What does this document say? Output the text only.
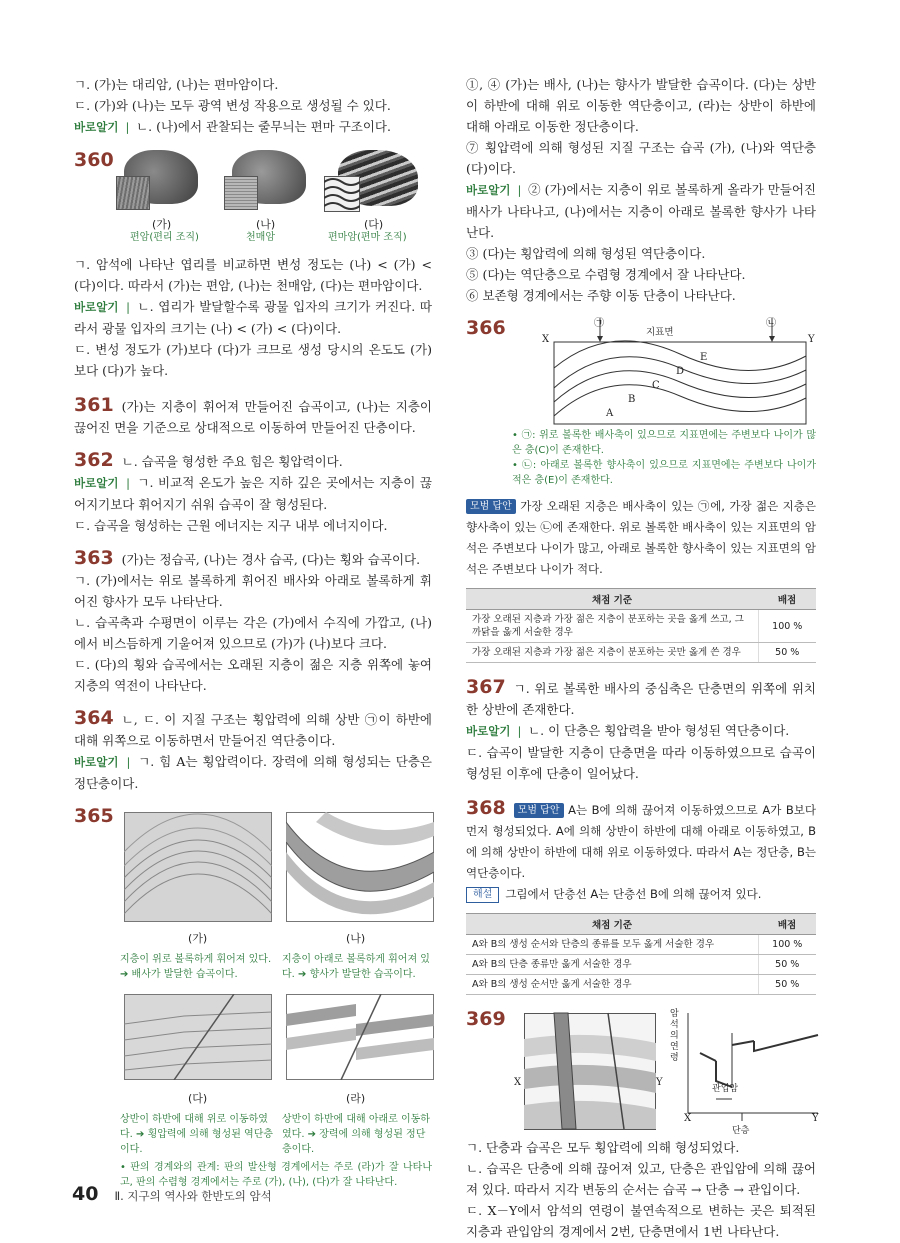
ㄱ. (가)는 대리암, (나)는 편마암이다.

ㄷ. (가)와 (나)는 모두 광역 변성 작용으로 생성될 수 있다.

바로알기 ❘ ㄴ. (나)에서 관찰되는 줄무늬는 편마 구조이다.

360
(가)	(나)	(다)
편암(편리 조직)	천매암	편마암(편마 조직)

ㄱ. 암석에 나타난 엽리를 비교하면 변성 정도는 (나) < (가) < (다)이다. 따라서 (가)는 편암, (나)는 천매암, (다)는 편마암이다.

바로알기 ❘ ㄴ. 엽리가 발달할수록 광물 입자의 크기가 커진다. 따라서 광물 입자의 크기는 (나) < (가) < (다)이다.

ㄷ. 변성 정도가 (가)보다 (다)가 크므로 생성 당시의 온도도 (가)보다 (다)가 높다.

361 (가)는 지층이 휘어져 만들어진 습곡이고, (나)는 지층이 끊어진 면을 기준으로 상대적으로 이동하여 만들어진 단층이다.

362 ㄴ. 습곡을 형성한 주요 힘은 횡압력이다.

바로알기 ❘ ㄱ. 비교적 온도가 높은 지하 깊은 곳에서는 지층이 끊어지기보다 휘어지기 쉬워 습곡이 잘 형성된다.

ㄷ. 습곡을 형성하는 근원 에너지는 지구 내부 에너지이다.

363 (가)는 정습곡, (나)는 경사 습곡, (다)는 횡와 습곡이다.

ㄱ. (가)에서는 위로 볼록하게 휘어진 배사와 아래로 볼록하게 휘어진 향사가 모두 나타난다.

ㄴ. 습곡축과 수평면이 이루는 각은 (가)에서 수직에 가깝고, (나)에서 비스듬하게 기울어져 있으므로 (가)가 (나)보다 크다.

ㄷ. (다)의 횡와 습곡에서는 오래된 지층이 젊은 지층 위쪽에 놓여 지층의 역전이 나타난다.

364 ㄴ, ㄷ. 이 지질 구조는 횡압력에 의해 상반 ㉠이 하반에 대해 위쪽으로 이동하면서 만들어진 역단층이다.

바로알기 ❘ ㄱ. 힘 A는 횡압력이다. 장력에 의해 형성되는 단층은 정단층이다.

365
(가)	(나)
지층이 위로 볼록하게 휘어져 있다. ➔ 배사가 발달한 습곡이다.
지층이 아래로 볼록하게 휘어져 있다. ➔ 향사가 발달한 습곡이다.
(다)	(라)
상반이 하반에 대해 위로 이동하였다. ➔ 횡압력에 의해 형성된 역단층이다.
상반이 하반에 대해 아래로 이동하였다. ➔ 장력에 의해 형성된 정단층이다.

• 판의 경계와의 관계: 판의 발산형 경계에서는 주로 (라)가 잘 나타나고, 판의 수렴형 경계에서는 주로 (가), (나), (다)가 잘 나타난다.

①, ④ (가)는 배사, (나)는 향사가 발달한 습곡이다. (다)는 상반이 하반에 대해 위로 이동한 역단층이고, (라)는 상반이 하반에 대해 아래로 이동한 정단층이다.

⑦ 횡압력에 의해 형성된 지질 구조는 습곡 (가), (나)와 역단층 (다)이다.

바로알기 ❘ ② (가)에서는 지층이 위로 볼록하게 올라가 만들어진 배사가 나타나고, (나)에서는 지층이 아래로 볼록한 향사가 나타난다.

③ (다)는 횡압력에 의해 형성된 역단층이다.

⑤ (다)는 역단층으로 수렴형 경계에서 잘 나타난다.

⑥ 보존형 경계에서는 주향 이동 단층이 나타난다.

366
X	Y
㉠	㉡
지표면
A
B
C
D
E

• ㉠: 위로 볼록한 배사축이 있으므로 지표면에는 주변보다 나이가 많은 층(C)이 존재한다.

• ㉡: 아래로 볼록한 향사축이 있으므로 지표면에는 주변보다 나이가 적은 층(E)이 존재한다.

모범 답안 가장 오래된 지층은 배사축이 있는 ㉠에, 가장 젊은 지층은 향사축이 있는 ㉡에 존재한다. 위로 볼록한 배사축이 있는 지표면의 암석은 주변보다 나이가 많고, 아래로 볼록한 향사축이 있는 지표면의 암석은 주변보다 나이가 적다.

채점 기준	배점
가장 오래된 지층과 가장 젊은 지층이 분포하는 곳을 옳게 쓰고, 그 까닭을 옳게 서술한 경우	100 %
가장 오래된 지층과 가장 젊은 지층이 분포하는 곳만 옳게 쓴 경우	50 %

367 ㄱ. 위로 볼록한 배사의 중심축은 단층면의 위쪽에 위치한 상반에 존재한다.

바로알기 ❘ ㄴ. 이 단층은 횡압력을 받아 형성된 역단층이다.

ㄷ. 습곡이 발달한 지층이 단층면을 따라 이동하였으므로 습곡이 형성된 이후에 단층이 일어났다.

368 모범 답안 A는 B에 의해 끊어져 이동하였으므로 A가 B보다 먼저 형성되었다. A에 의해 상반이 하반에 대해 아래로 이동하였고, B에 의해 상반이 하반에 대해 위로 이동하였다. 따라서 A는 정단층, B는 역단층이다.

해설 그림에서 단층선 A는 단층선 B에 의해 끊어져 있다.

채점 기준	배점
A와 B의 생성 순서와 단층의 종류를 모두 옳게 서술한 경우	100 %
A와 B의 단층 종류만 옳게 서술한 경우	50 %
A와 B의 생성 순서만 옳게 서술한 경우	50 %
369
X	Y
암석의 연령
X	Y
관입암
단층

ㄱ. 단층과 습곡은 모두 횡압력에 의해 형성되었다.

ㄴ. 습곡은 단층에 의해 끊어져 있고, 단층은 관입암에 의해 끊어져 있다. 따라서 지각 변동의 순서는 습곡 → 단층 → 관입이다.

ㄷ. X－Y에서 암석의 연령이 불연속적으로 변하는 곳은 퇴적된 지층과 관입암의 경계에서 2번, 단층면에서 1번 나타난다.

40 Ⅱ. 지구의 역사와 한반도의 암석
